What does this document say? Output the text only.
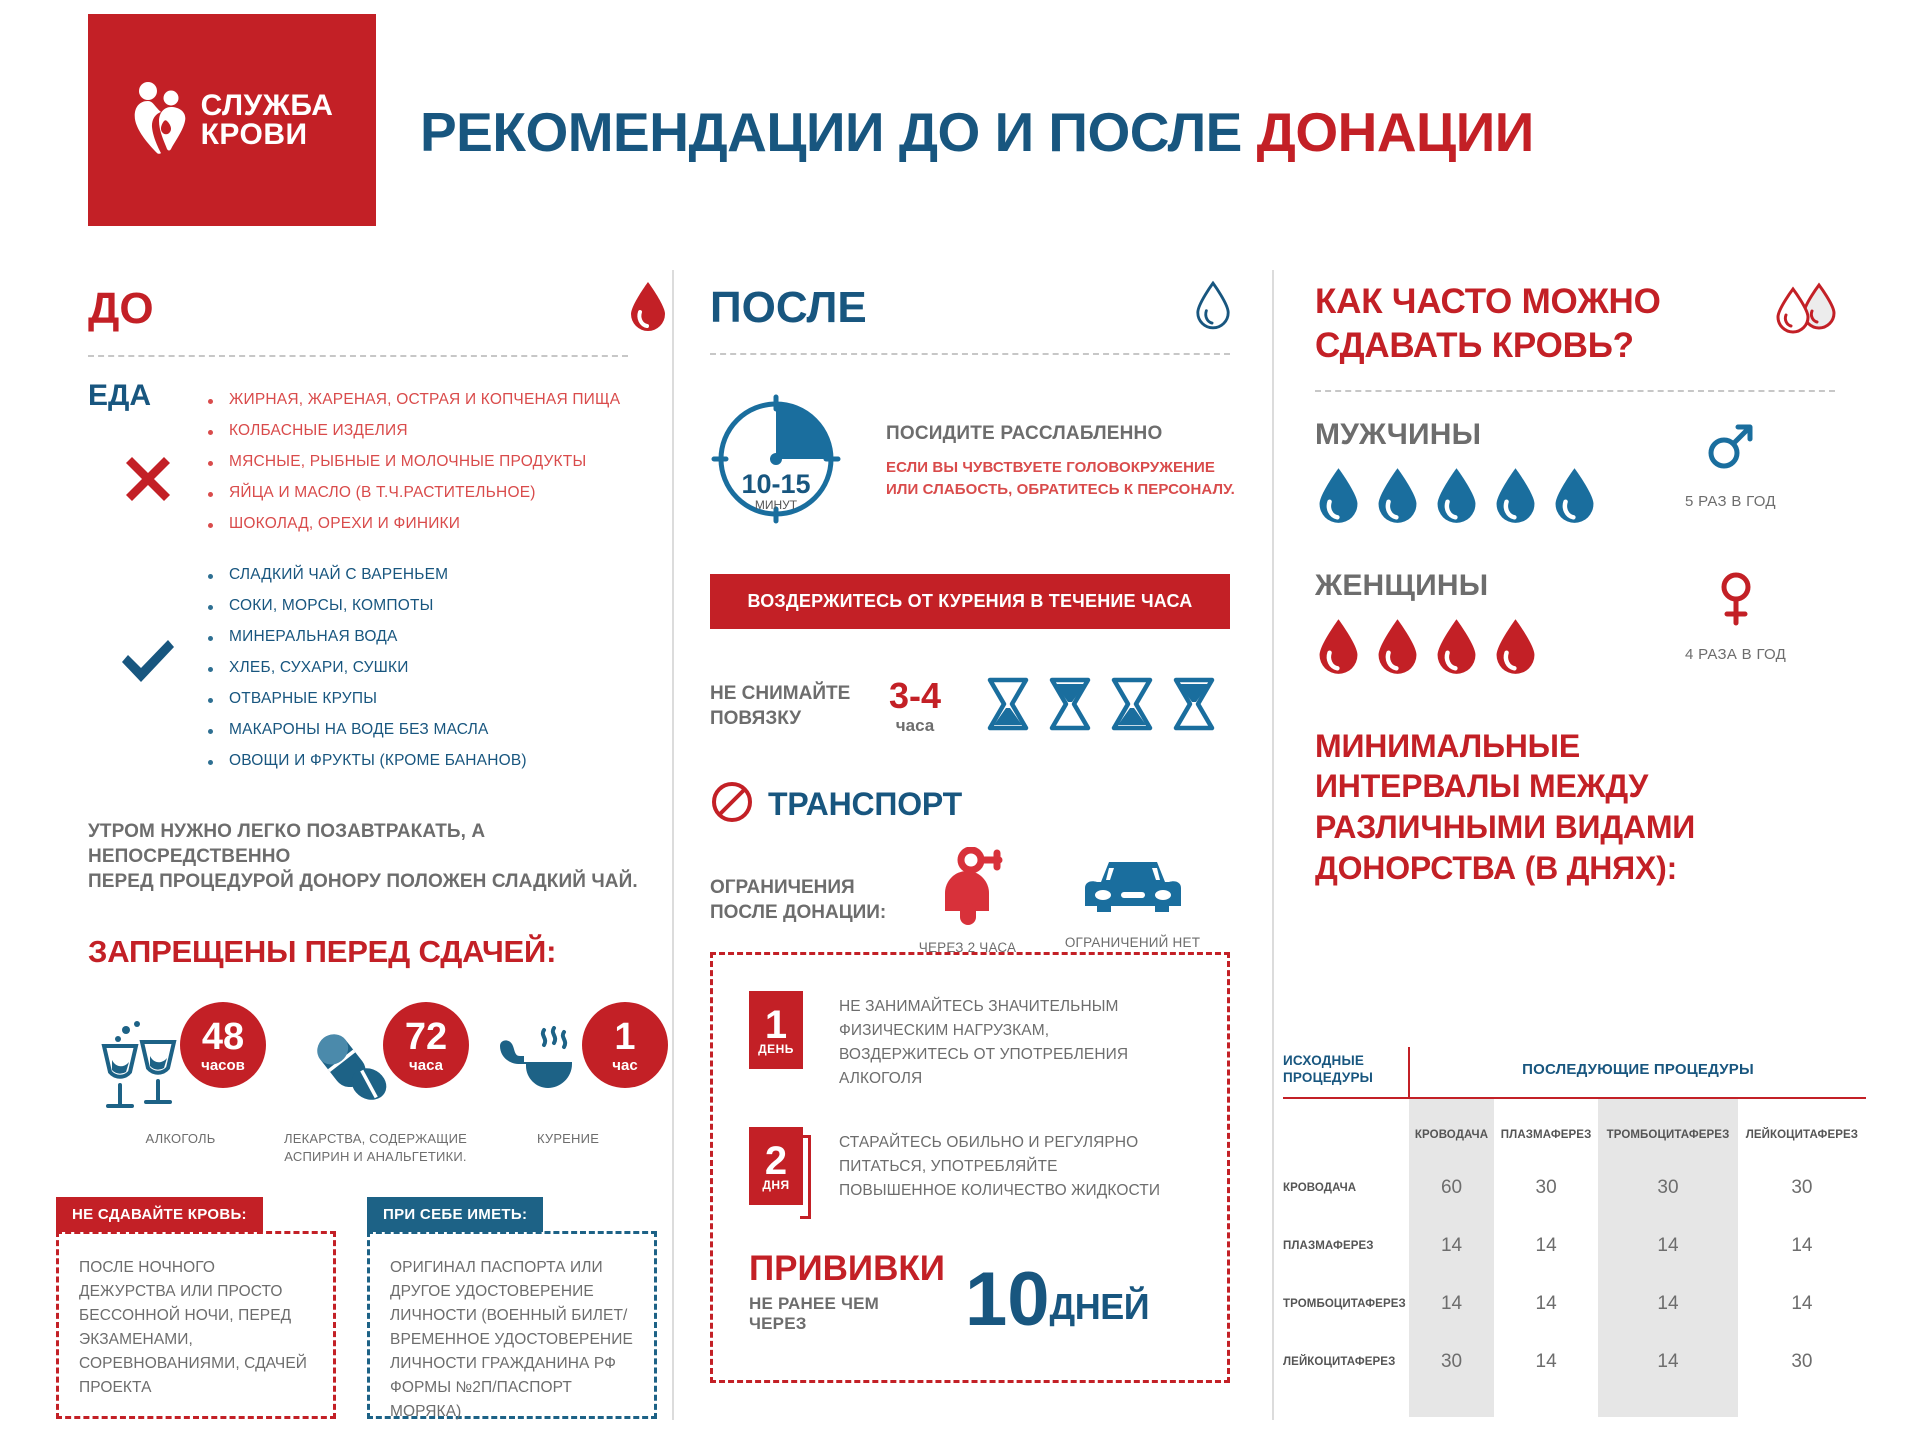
СЛУЖБА
КРОВИ	РЕКОМЕНДАЦИИ ДО И ПОСЛЕ ДОНАЦИИ
ДО
ЕДА	ЖИРНАЯ, ЖАРЕНАЯ, ОСТРАЯ И КОПЧЕНАЯ ПИЩА
КОЛБАСНЫЕ ИЗДЕЛИЯ
МЯСНЫЕ, РЫБНЫЕ И МОЛОЧНЫЕ ПРОДУКТЫ
ЯЙЦА И МАСЛО (В Т.Ч.РАСТИТЕЛЬНОЕ)
ШОКОЛАД, ОРЕХИ И ФИНИКИ
СЛАДКИЙ ЧАЙ С ВАРЕНЬЕМ
СОКИ, МОРСЫ, КОМПОТЫ
МИНЕРАЛЬНАЯ ВОДА
ХЛЕБ, СУХАРИ, СУШКИ
ОТВАРНЫЕ КРУПЫ
МАКАРОНЫ НА ВОДЕ БЕЗ МАСЛА
ОВОЩИ И ФРУКТЫ (КРОМЕ БАНАНОВ)
УТРОМ НУЖНО ЛЕГКО ПОЗАВТРАКАТЬ, А НЕПОСРЕДСТВЕННО
ПЕРЕД ПРОЦЕДУРОЙ ДОНОРУ ПОЛОЖЕН СЛАДКИЙ ЧАЙ.
ЗАПРЕЩЕНЫ ПЕРЕД СДАЧЕЙ:
48
часов
АЛКОГОЛЬ
72
часа
ЛЕКАРСТВА, СОДЕРЖАЩИЕ АСПИРИН И АНАЛЬГЕТИКИ.
1
час
КУРЕНИЕ
НЕ СДАВАЙТЕ КРОВЬ:
ПОСЛЕ НОЧНОГО ДЕЖУРСТВА ИЛИ ПРОСТО БЕССОННОЙ НОЧИ, ПЕРЕД ЭКЗАМЕНАМИ, СОРЕВНОВАНИЯМИ, СДАЧЕЙ ПРОЕКТА
ПРИ СЕБЕ ИМЕТЬ:
ОРИГИНАЛ ПАСПОРТА ИЛИ ДРУГОЕ УДОСТОВЕРЕНИЕ ЛИЧНОСТИ (ВОЕННЫЙ БИЛЕТ/ ВРЕМЕННОЕ УДОСТОВЕРЕНИЕ ЛИЧНОСТИ ГРАЖДАНИНА РФ ФОРМЫ №2П/ПАСПОРТ МОРЯКА)
ПОСЛЕ
10-15
МИНУТ
ПОСИДИТЕ РАССЛАБЛЕННО
ЕСЛИ ВЫ ЧУВСТВУЕТЕ ГОЛОВОКРУЖЕНИЕ
ИЛИ СЛАБОСТЬ, ОБРАТИТЕСЬ К ПЕРСОНАЛУ.
ВОЗДЕРЖИТЕСЬ ОТ КУРЕНИЯ В ТЕЧЕНИЕ ЧАСА
НЕ СНИМАЙТЕ
ПОВЯЗКУ
3-4
часа
ТРАНСПОРТ
ОГРАНИЧЕНИЯ
ПОСЛЕ ДОНАЦИИ:
ЧЕРЕЗ 2 ЧАСА	ОГРАНИЧЕНИЙ НЕТ
1
ДЕНЬ
НЕ ЗАНИМАЙТЕСЬ ЗНАЧИТЕЛЬНЫМ ФИЗИЧЕСКИМ НАГРУЗКАМ, ВОЗДЕРЖИТЕСЬ ОТ УПОТРЕБЛЕНИЯ АЛКОГОЛЯ
2
ДНЯ
СТАРАЙТЕСЬ ОБИЛЬНО И РЕГУЛЯРНО ПИТАТЬСЯ, УПОТРЕБЛЯЙТЕ ПОВЫШЕННОЕ КОЛИЧЕСТВО ЖИДКОСТИ
ПРИВИВКИ
НЕ РАНЕЕ ЧЕМ ЧЕРЕЗ	10 ДНЕЙ
КАК ЧАСТО МОЖНО
СДАВАТЬ КРОВЬ?
МУЖЧИНЫ
5 РАЗ В ГОД
ЖЕНЩИНЫ
4 РАЗА В ГОД
МИНИМАЛЬНЫЕ ИНТЕРВАЛЫ МЕЖДУ РАЗЛИЧНЫМИ ВИДАМИ ДОНОРСТВА (В ДНЯХ):
ИСХОДНЫЕ
ПРОЦЕДУРЫ	ПОСЛЕДУЮЩИЕ ПРОЦЕДУРЫ			
	КРОВОДАЧА	ПЛАЗМАФЕРЕЗ	ТРОМБОЦИТАФЕРЕЗ	ЛЕЙКОЦИТАФЕРЕЗ
КРОВОДАЧА	60	30	30	30
ПЛАЗМАФЕРЕЗ	14	14	14	14
ТРОМБОЦИТАФЕРЕЗ	14	14	14	14
ЛЕЙКОЦИТАФЕРЕЗ	30	14	14	30
